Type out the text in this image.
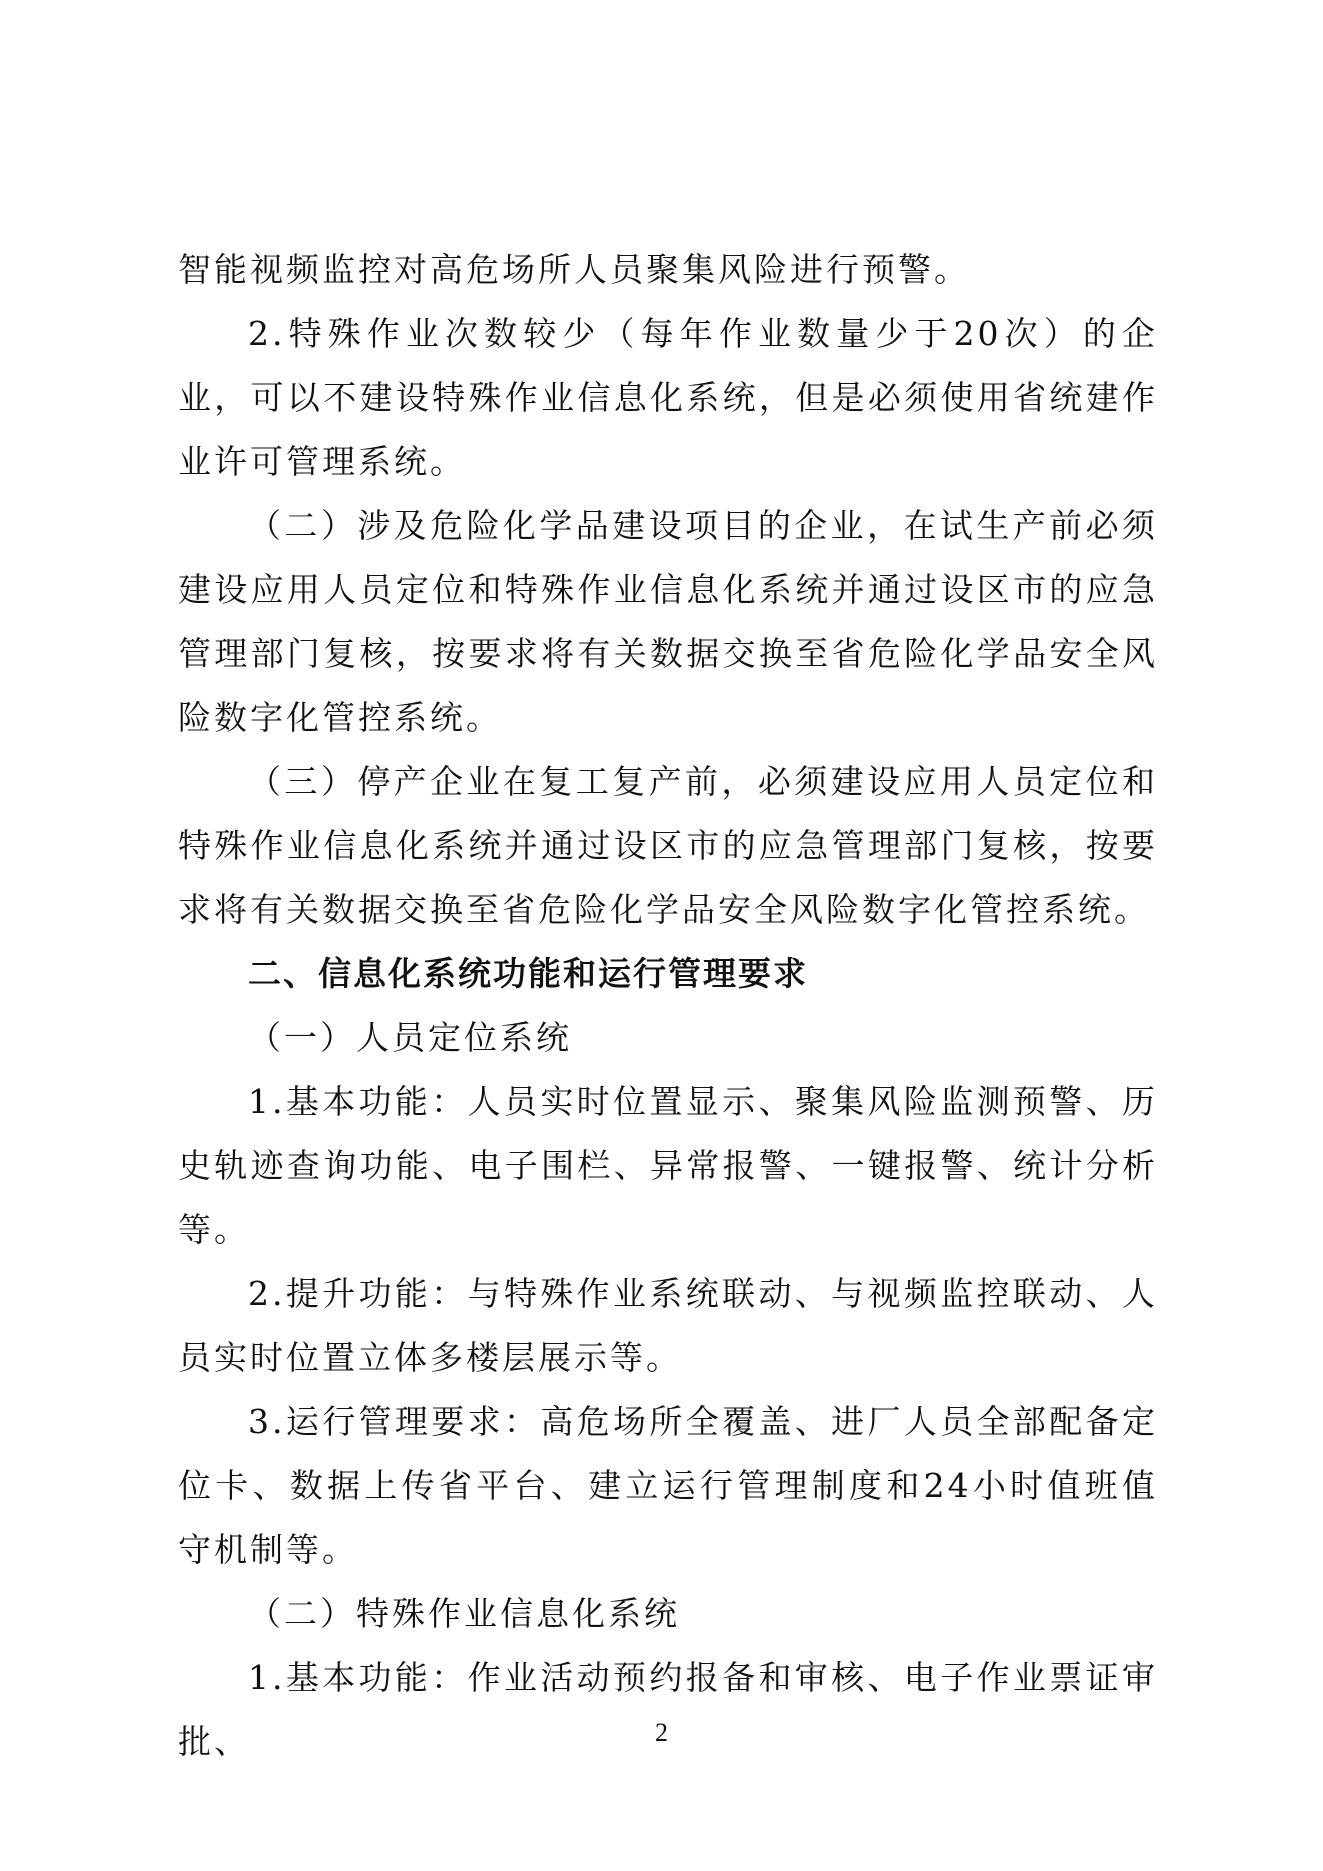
智能视频监控对高危场所人员聚集风险进行预警。

2.特殊作业次数较少（每年作业数量少于20次）的企业，可以不建设特殊作业信息化系统，但是必须使用省统建作业许可管理系统。

（二）涉及危险化学品建设项目的企业，在试生产前必须建设应用人员定位和特殊作业信息化系统并通过设区市的应急管理部门复核，按要求将有关数据交换至省危险化学品安全风险数字化管控系统。

（三）停产企业在复工复产前，必须建设应用人员定位和特殊作业信息化系统并通过设区市的应急管理部门复核，按要求将有关数据交换至省危险化学品安全风险数字化管控系统。

二、信息化系统功能和运行管理要求

（一）人员定位系统

1.基本功能：人员实时位置显示、聚集风险监测预警、历史轨迹查询功能、电子围栏、异常报警、一键报警、统计分析等。

2.提升功能：与特殊作业系统联动、与视频监控联动、人员实时位置立体多楼层展示等。

3.运行管理要求：高危场所全覆盖、进厂人员全部配备定位卡、数据上传省平台、建立运行管理制度和24小时值班值守机制等。

（二）特殊作业信息化系统

1.基本功能：作业活动预约报备和审核、电子作业票证审批、	2
